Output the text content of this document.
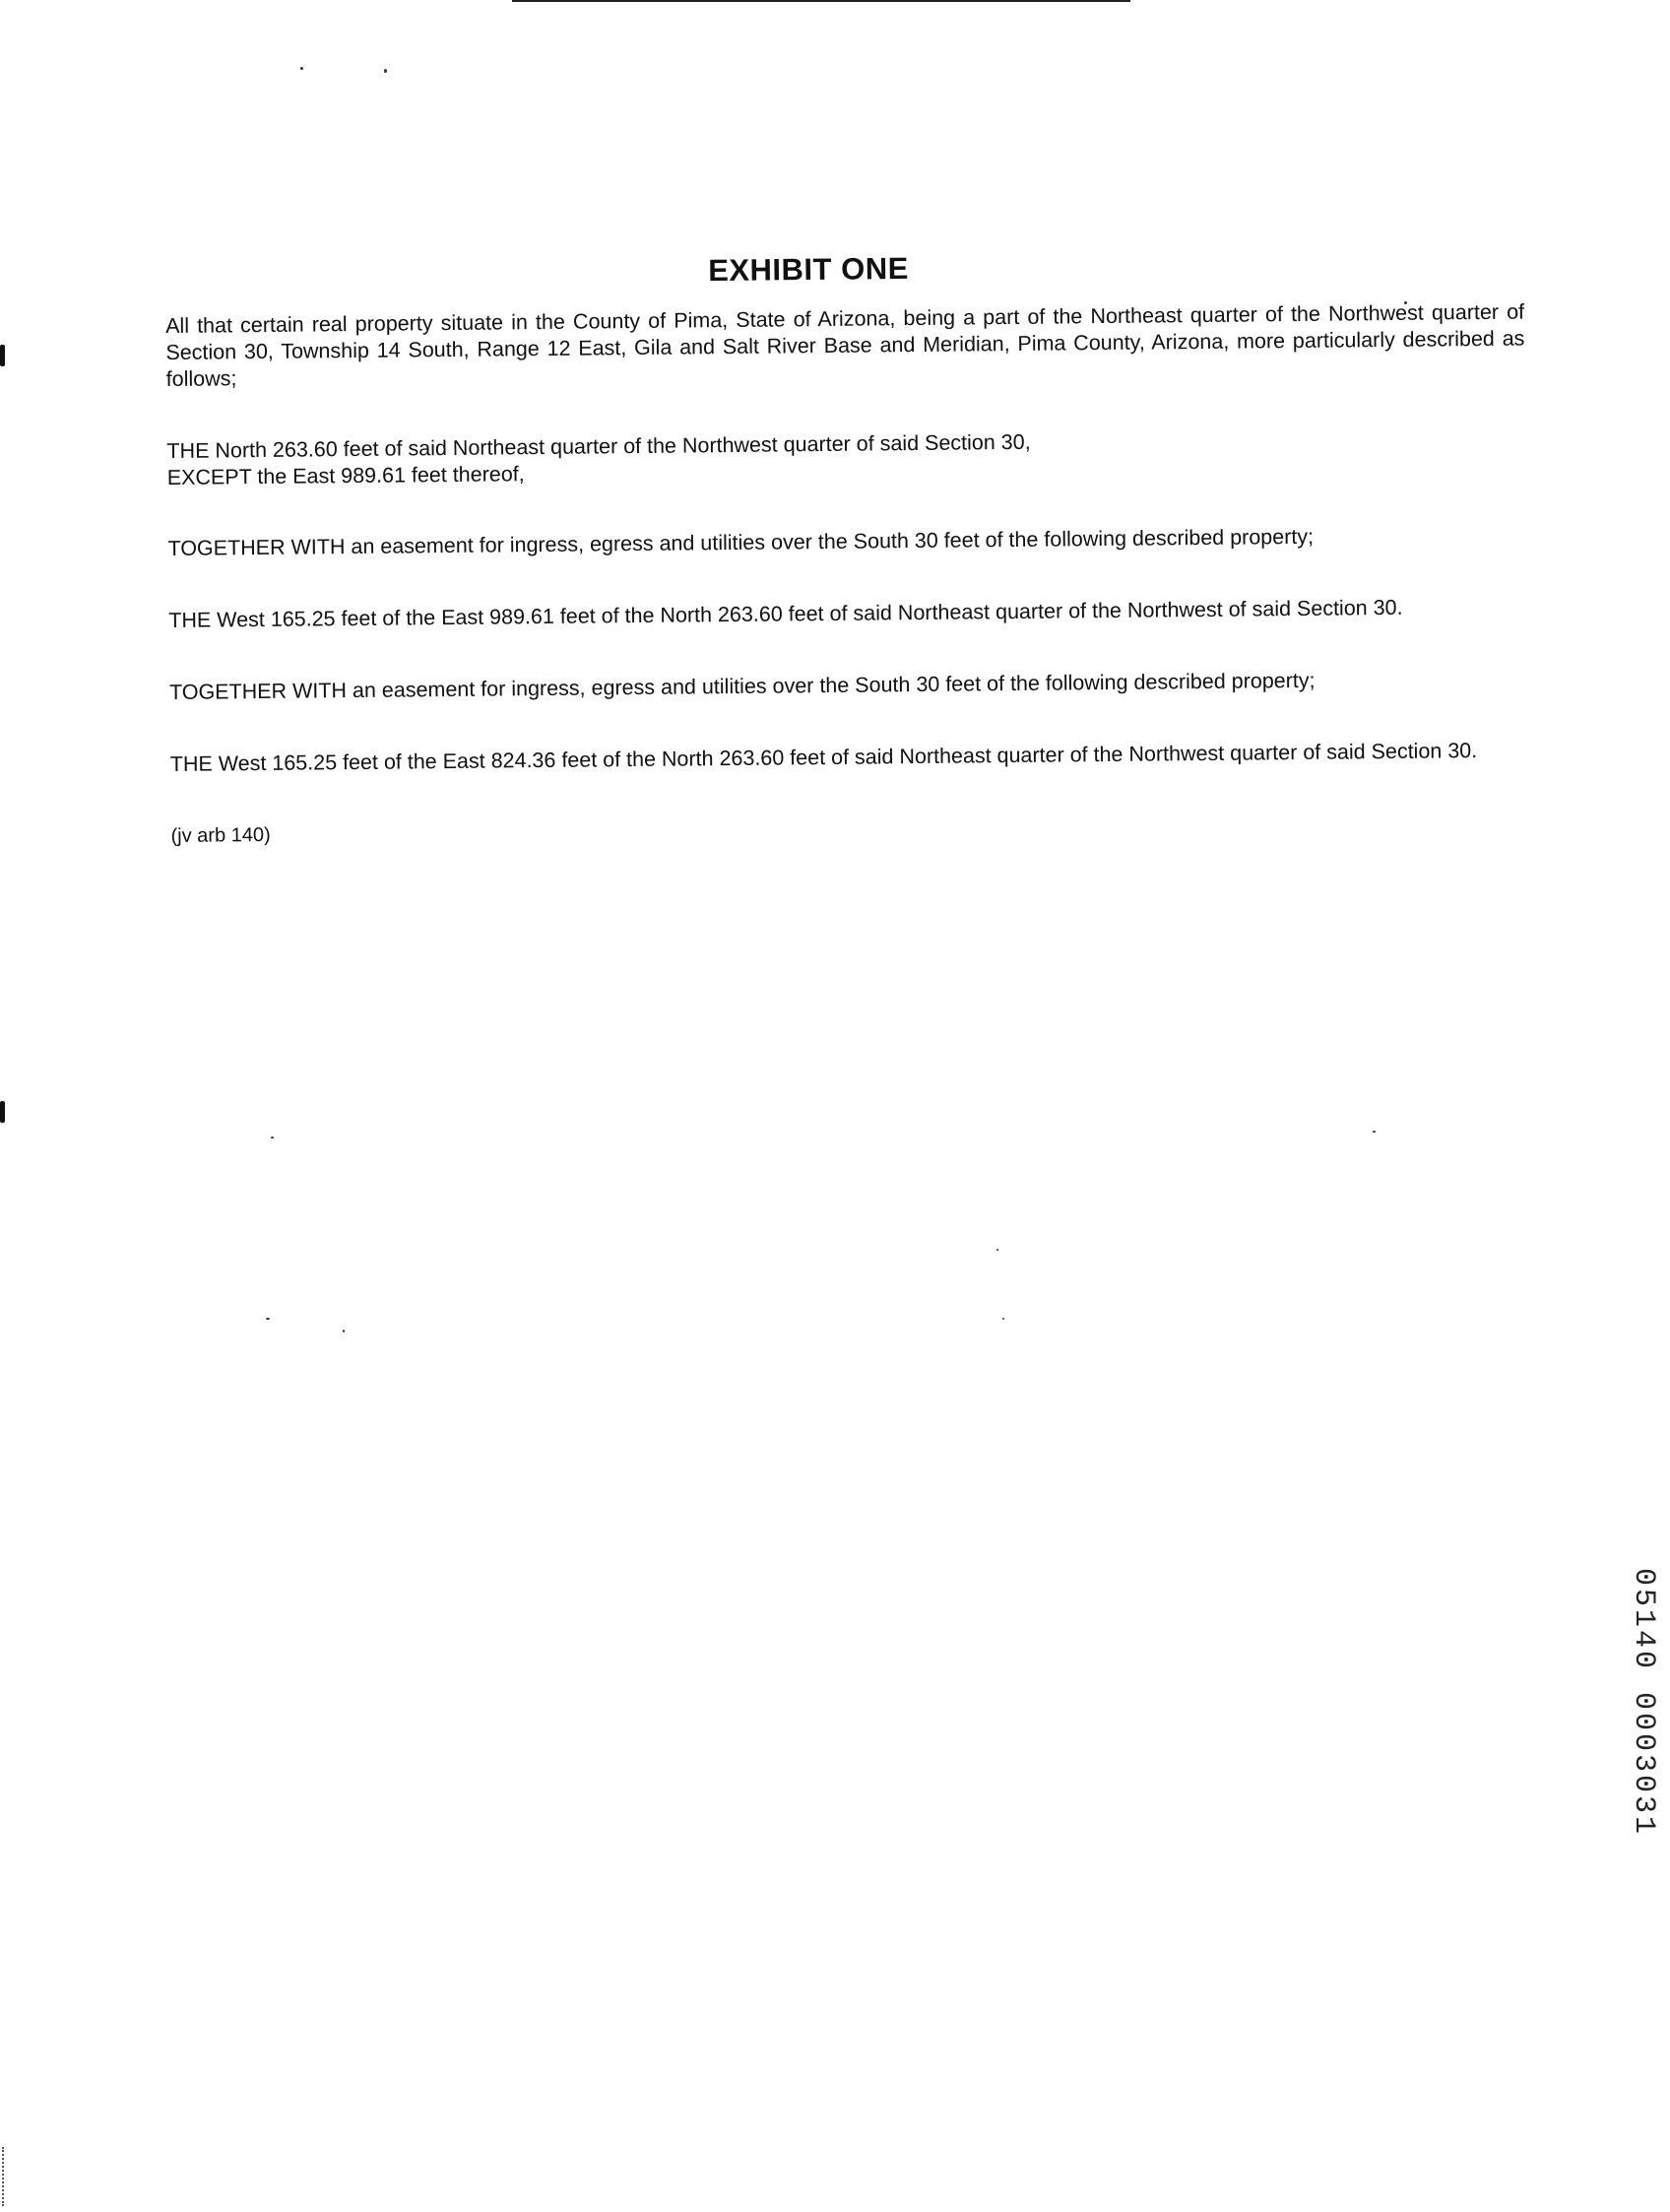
EXHIBIT ONE

All that certain real property situate in the County of Pima, State of Arizona, being a part of the Northeast quarter of the Northwest quarter of Section 30, Township 14 South, Range 12 East, Gila and Salt River Base and Meridian, Pima County, Arizona, more particularly described as follows;

THE North 263.60 feet of said Northeast quarter of the Northwest quarter of said Section 30,
EXCEPT the East 989.61 feet thereof,

TOGETHER WITH an easement for ingress, egress and utilities over the South 30 feet of the following described property;

THE West 165.25 feet of the East 989.61 feet of the North 263.60 feet of said Northeast quarter of the Northwest of said Section 30.

TOGETHER WITH an easement for ingress, egress and utilities over the South 30 feet of the following described property;

THE West 165.25 feet of the East 824.36 feet of the North 263.60 feet of said Northeast quarter of the Northwest quarter of said Section 30.

(jv arb 140)

05140 0003031
